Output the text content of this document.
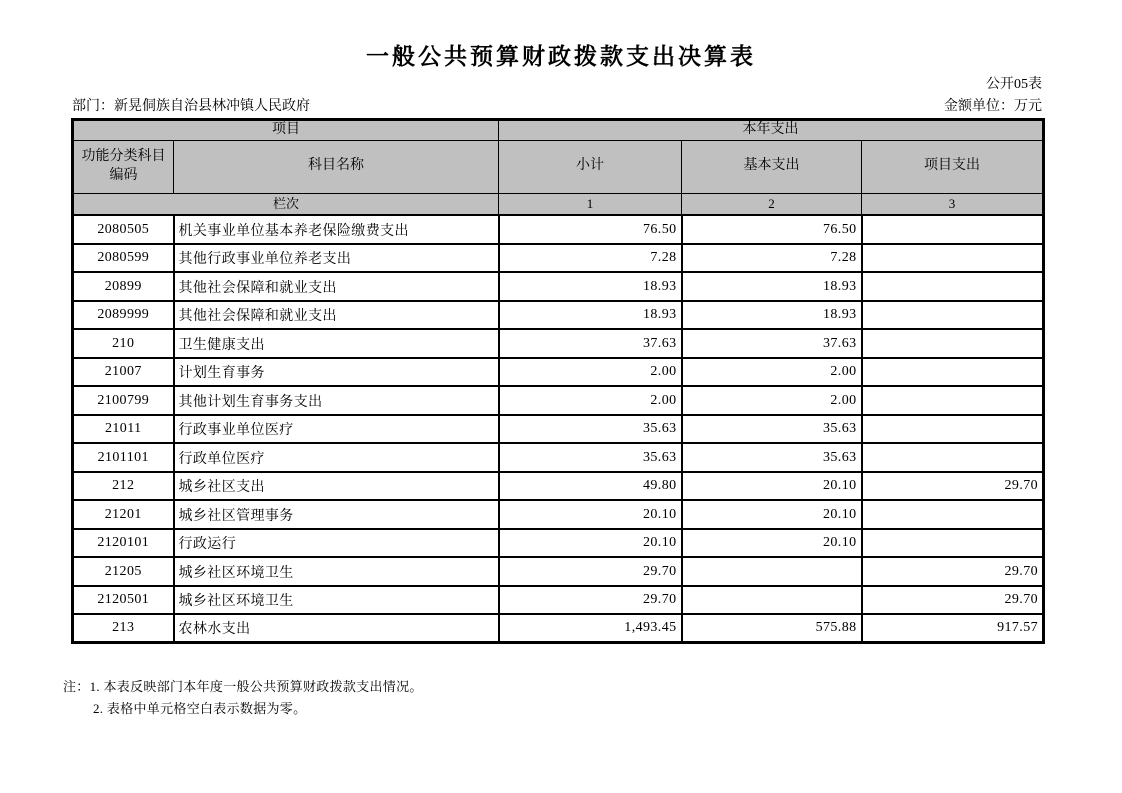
一般公共预算财政拨款支出决算表
公开05表
部门：新晃侗族自治县林冲镇人民政府	金额单位：万元
项目		本年支出		
功能分类科目编码	科目名称	小计	基本支出	项目支出
栏次		1	2	3
2080505	机关事业单位基本养老保险缴费支出	76.50	76.50	
2080599	其他行政事业单位养老支出	7.28	7.28	
20899	其他社会保障和就业支出	18.93	18.93	
2089999	其他社会保障和就业支出	18.93	18.93	
210	卫生健康支出	37.63	37.63	
21007	计划生育事务	2.00	2.00	
2100799	其他计划生育事务支出	2.00	2.00	
21011	行政事业单位医疗	35.63	35.63	
2101101	行政单位医疗	35.63	35.63	
212	城乡社区支出	49.80	20.10	29.70
21201	城乡社区管理事务	20.10	20.10	
2120101	行政运行	20.10	20.10	
21205	城乡社区环境卫生	29.70		29.70
2120501	城乡社区环境卫生	29.70		29.70
213	农林水支出	1,493.45	575.88	917.57
注：1. 本表反映部门本年度一般公共预算财政拨款支出情况。
2. 表格中单元格空白表示数据为零。
